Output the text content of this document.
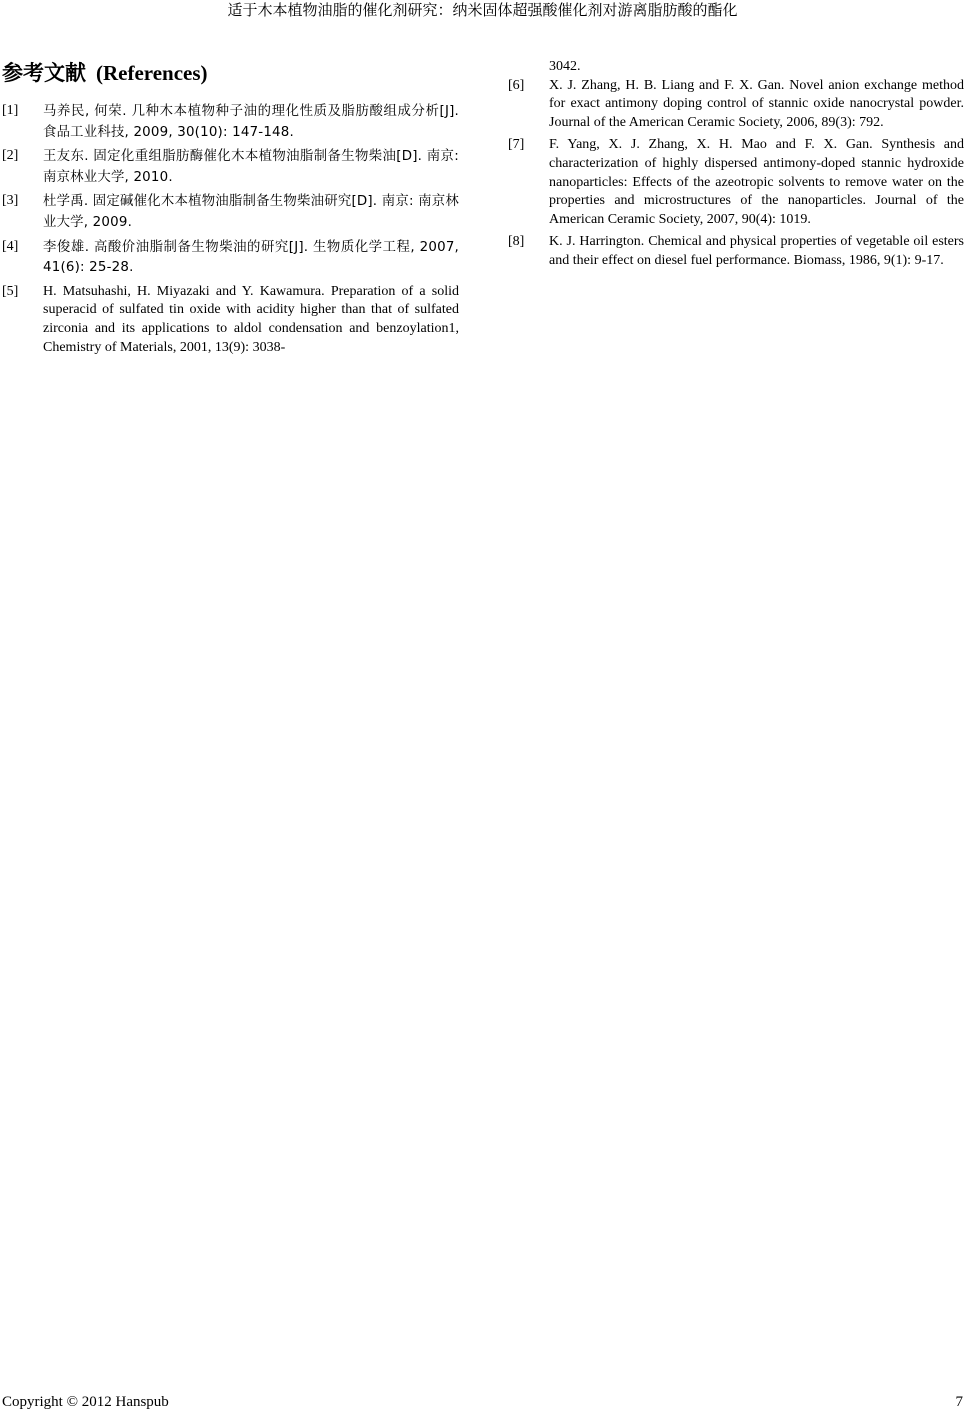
适于木本植物油脂的催化剂研究：纳米固体超强酸催化剂对游离脂肪酸的酯化
参考文献 (References)
[1]	马养民, 何荣. 几种木本植物种子油的理化性质及脂肪酸组成分析[J]. 食品工业科技, 2009, 30(10): 147-148.
[2]	王友东. 固定化重组脂肪酶催化木本植物油脂制备生物柴油[D]. 南京: 南京林业大学, 2010.
[3]	杜学禹. 固定碱催化木本植物油脂制备生物柴油研究[D]. 南京: 南京林业大学, 2009.
[4]	李俊雄. 高酸价油脂制备生物柴油的研究[J]. 生物质化学工程, 2007, 41(6): 25-28.
[5]	H. Matsuhashi, H. Miyazaki and Y. Kawamura. Preparation of a solid superacid of sulfated tin oxide with acidity higher than that of sulfated zirconia and its applications to aldol condensation and benzoylation1, Chemistry of Materials, 2001, 13(9): 3038-
3042.
[6]	X. J. Zhang, H. B. Liang and F. X. Gan. Novel anion exchange method for exact antimony doping control of stannic oxide nanocrystal powder. Journal of the American Ceramic Society, 2006, 89(3): 792.
[7]	F. Yang, X. J. Zhang, X. H. Mao and F. X. Gan. Synthesis and characterization of highly dispersed antimony-doped stannic hydroxide nanoparticles: Effects of the azeotropic solvents to remove water on the properties and microstructures of the nanoparticles. Journal of the American Ceramic Society, 2007, 90(4): 1019.
[8]	K. J. Harrington. Chemical and physical properties of vegetable oil esters and their effect on diesel fuel performance. Biomass, 1986, 9(1): 9-17.
Copyright © 2012 Hanspub	7
